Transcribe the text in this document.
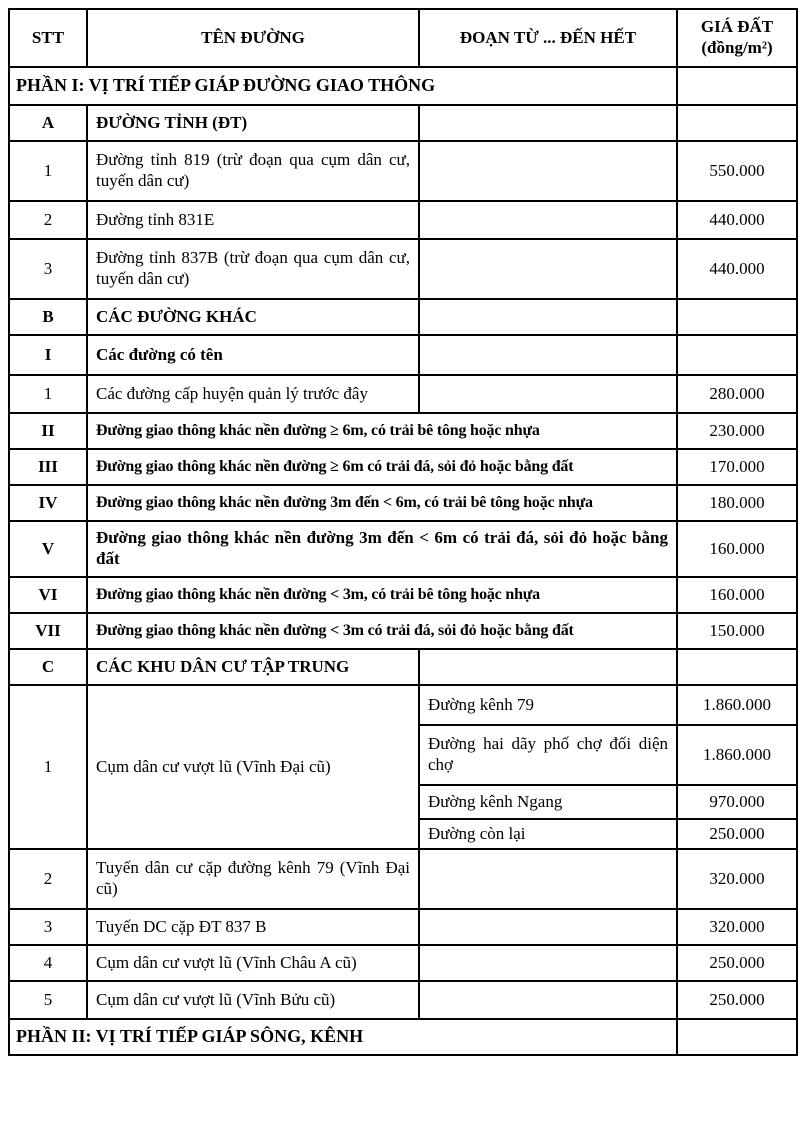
STT	TÊN ĐƯỜNG	ĐOẠN TỪ ... ĐẾN HẾT	GIÁ ĐẤT
(đồng/m²)

PHẦN I: VỊ TRÍ TIẾP GIÁP ĐƯỜNG GIAO THÔNG			
A	ĐƯỜNG TỈNH (ĐT)		
1	Đường tỉnh 819 (trừ đoạn qua cụm dân cư, tuyến dân cư)		550.000
2	Đường tỉnh 831E		440.000
3	Đường tỉnh 837B (trừ đoạn qua cụm dân cư, tuyến dân cư)		440.000
B	CÁC ĐƯỜNG KHÁC		
I	Các đường có tên		
1	Các đường cấp huyện quản lý trước đây		280.000
II	Đường giao thông khác nền đường ≥ 6m, có trải bê tông hoặc nhựa		230.000
III	Đường giao thông khác nền đường ≥ 6m có trải đá, sỏi đỏ hoặc bằng đất		170.000
IV	Đường giao thông khác nền đường 3m đến < 6m, có trải bê tông hoặc nhựa		180.000
V	Đường giao thông khác nền đường 3m đến < 6m có trải đá, sỏi đỏ hoặc bằng đất		160.000
VI	Đường giao thông khác nền đường < 3m, có trải bê tông hoặc nhựa		160.000
VII	Đường giao thông khác nền đường < 3m có trải đá, sỏi đỏ hoặc bằng đất		150.000
C	CÁC KHU DÂN CƯ TẬP TRUNG		
1	Cụm dân cư vượt lũ (Vĩnh Đại cũ)	Đường kênh 79	1.860.000
		Đường hai dãy phố chợ đối diện chợ	1.860.000
		Đường kênh Ngang	970.000
		Đường còn lại	250.000
2	Tuyến dân cư cặp đường kênh 79 (Vĩnh Đại cũ)		320.000
3	Tuyến DC cặp ĐT 837 B		320.000
4	Cụm dân cư vượt lũ (Vĩnh Châu A cũ)		250.000
5	Cụm dân cư vượt lũ (Vĩnh Bửu cũ)		250.000
PHẦN II: VỊ TRÍ TIẾP GIÁP SÔNG, KÊNH			
